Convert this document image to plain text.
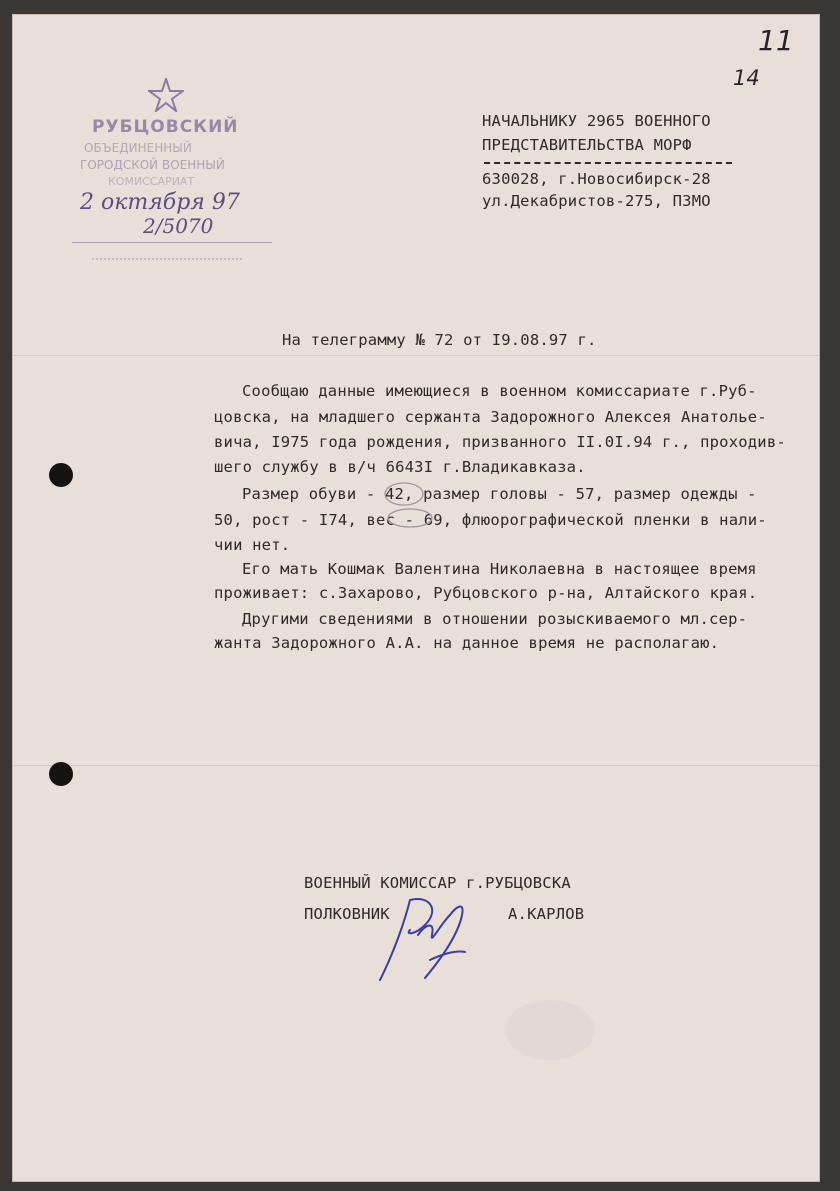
11
14
РУБЦОВСКИЙ
ОБЪЕДИНЕННЫЙ
ГОРОДСКОЙ ВОЕННЫЙ
КОМИССАРИАТ
2 октября 97
2/5070
НАЧАЛЬНИКУ 2965 ВОЕННОГО
ПРЕДСТАВИТЕЛЬСТВА МОРФ
630028, г.Новосибирск-28
ул.Декабристов-275, ПЗМО
На телеграмму № 72 от I9.08.97 г.
Сообщаю данные имеющиеся в военном комиссариате г.Руб-
цовска, на младшего сержанта Задорожного Алексея Анатолье-
вича, I975 года рождения, призванного II.0I.94 г., проходив-
шего службу в в/ч 6643I г.Владикавказа.
Размер обуви - 42, размер головы - 57, размер одежды -
50, рост - I74, вес - 69, флюорографической пленки в нали-
чии нет.
Его мать Кошмак Валентина Николаевна в настоящее время
проживает: с.Захарово, Рубцовского р-на, Алтайского края.
Другими сведениями в отношении розыскиваемого мл.сер-
жанта Задорожного А.А. на данное время не располагаю.
ВОЕННЫЙ КОМИССАР г.РУБЦОВСКА
ПОЛКОВНИК	А.КАРЛОВ
